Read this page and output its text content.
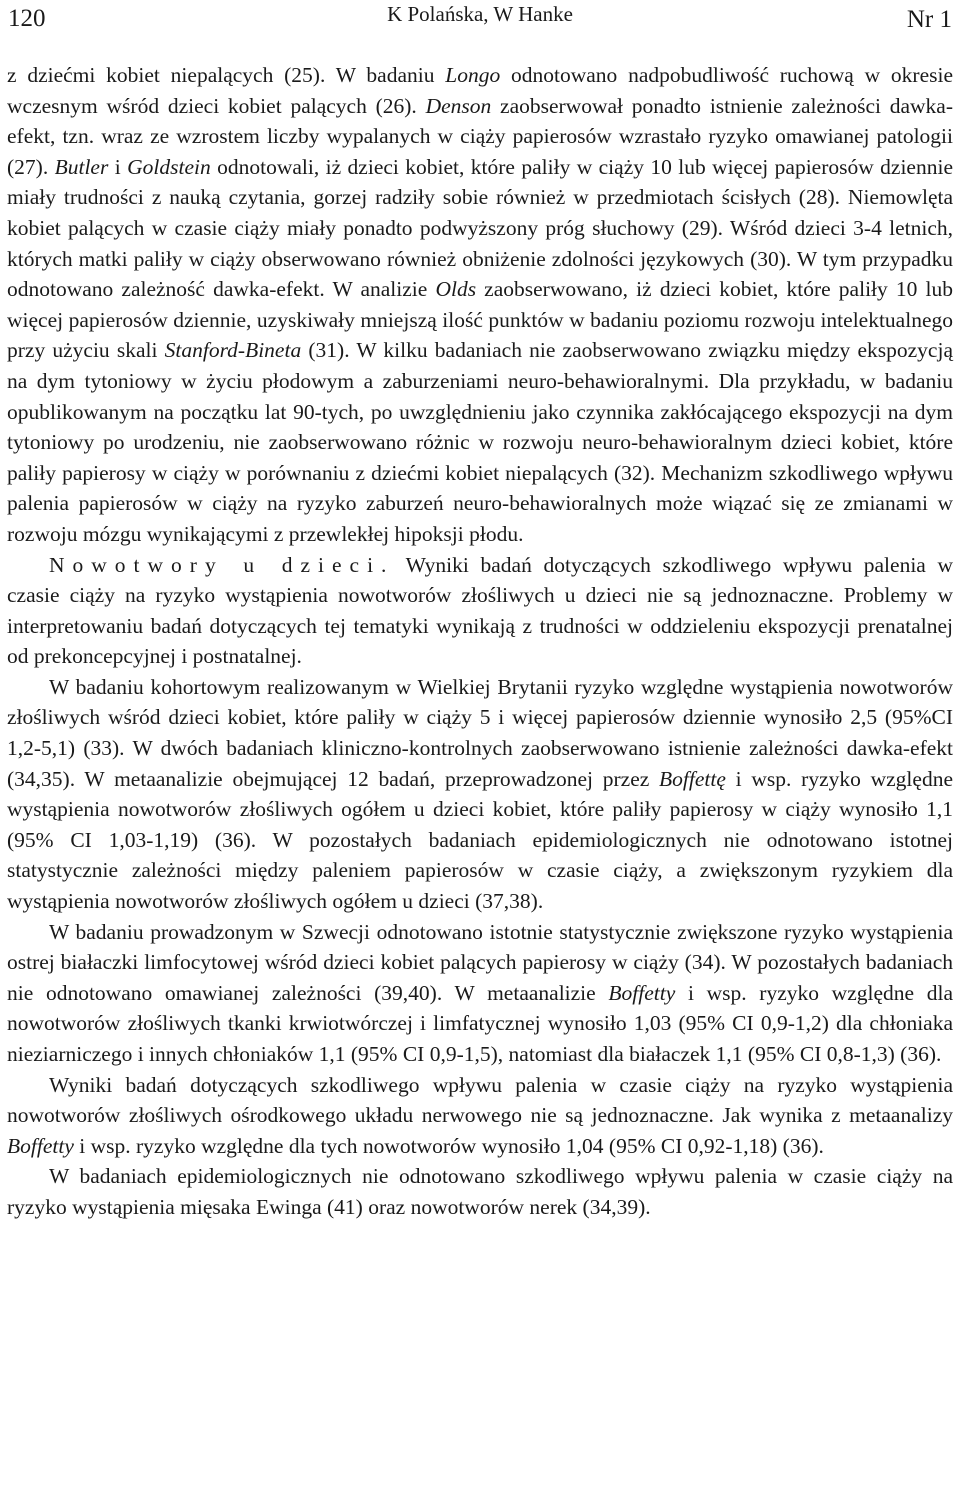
120	K Polańska, W Hanke	Nr 1

z dziećmi kobiet niepalących (25). W badaniu Longo odnotowano nadpobudliwość ruchową w okresie wczesnym wśród dzieci kobiet palących (26). Denson zaobserwował ponadto istnienie zależności dawka-efekt, tzn. wraz ze wzrostem liczby wypalanych w ciąży papierosów wzrastało ryzyko omawianej patologii (27). Butler i Goldstein odnotowali, iż dzieci kobiet, które paliły w ciąży 10 lub więcej papierosów dziennie miały trudności z nauką czytania, gorzej radziły sobie również w przedmiotach ścisłych (28). Niemowlęta kobiet palących w czasie ciąży miały ponadto podwyższony próg słuchowy (29). Wśród dzieci 3-4 letnich, których matki paliły w ciąży obserwowano również obniżenie zdolności językowych (30). W tym przypadku odnotowano zależność dawka-efekt. W analizie Olds zaobserwowano, iż dzieci kobiet, które paliły 10 lub więcej papierosów dziennie, uzyskiwały mniejszą ilość punktów w badaniu poziomu rozwoju intelektualnego przy użyciu skali Stanford-Bineta (31). W kilku badaniach nie zaobserwowano związku między ekspozycją na dym tytoniowy w życiu płodowym a zaburzeniami neuro-behawioralnymi. Dla przykładu, w badaniu opublikowanym na początku lat 90-tych, po uwzględnieniu jako czynnika zakłócającego ekspozycji na dym tytoniowy po urodzeniu, nie zaobserwowano różnic w rozwoju neuro-behawioralnym dzieci kobiet, które paliły papierosy w ciąży w porównaniu z dziećmi kobiet niepalących (32). Mechanizm szkodliwego wpływu palenia papierosów w ciąży na ryzyko zaburzeń neuro-behawioralnych może wiązać się ze zmianami w rozwoju mózgu wynikającymi z przewlekłej hipoksji płodu.

Nowotwory u dzieci. Wyniki badań dotyczących szkodliwego wpływu palenia w czasie ciąży na ryzyko wystąpienia nowotworów złośliwych u dzieci nie są jednoznaczne. Problemy w interpretowaniu badań dotyczących tej tematyki wynikają z trudności w oddzieleniu ekspozycji prenatalnej od prekoncepcyjnej i postnatalnej.

W badaniu kohortowym realizowanym w Wielkiej Brytanii ryzyko względne wystąpienia nowotworów złośliwych wśród dzieci kobiet, które paliły w ciąży 5 i więcej papierosów dziennie wynosiło 2,5 (95%CI 1,2-5,1) (33). W dwóch badaniach kliniczno-kontrolnych zaobserwowano istnienie zależności dawka-efekt (34,35). W metaanalizie obejmującej 12 badań, przeprowadzonej przez Boffettę i wsp. ryzyko względne wystąpienia nowotworów złośliwych ogółem u dzieci kobiet, które paliły papierosy w ciąży wynosiło 1,1 (95% CI 1,03-1,19) (36). W pozostałych badaniach epidemiologicznych nie odnotowano istotnej statystycznie zależności między paleniem papierosów w czasie ciąży, a zwiększonym ryzykiem dla wystąpienia nowotworów złośliwych ogółem u dzieci (37,38).

W badaniu prowadzonym w Szwecji odnotowano istotnie statystycznie zwiększone ryzyko wystąpienia ostrej białaczki limfocytowej wśród dzieci kobiet palących papierosy w ciąży (34). W pozostałych badaniach nie odnotowano omawianej zależności (39,40). W metaanalizie Boffetty i wsp. ryzyko względne dla nowotworów złośliwych tkanki krwiotwórczej i limfatycznej wynosiło 1,03 (95% CI 0,9-1,2) dla chłoniaka nieziarniczego i innych chłoniaków 1,1 (95% CI 0,9-1,5), natomiast dla białaczek 1,1 (95% CI 0,8-1,3) (36).

Wyniki badań dotyczących szkodliwego wpływu palenia w czasie ciąży na ryzyko wystąpienia nowotworów złośliwych ośrodkowego układu nerwowego nie są jednoznaczne. Jak wynika z metaanalizy Boffetty i wsp. ryzyko względne dla tych nowotworów wynosiło 1,04 (95% CI 0,92-1,18) (36).

W badaniach epidemiologicznych nie odnotowano szkodliwego wpływu palenia w czasie ciąży na ryzyko wystąpienia mięsaka Ewinga (41) oraz nowotworów nerek (34,39).
